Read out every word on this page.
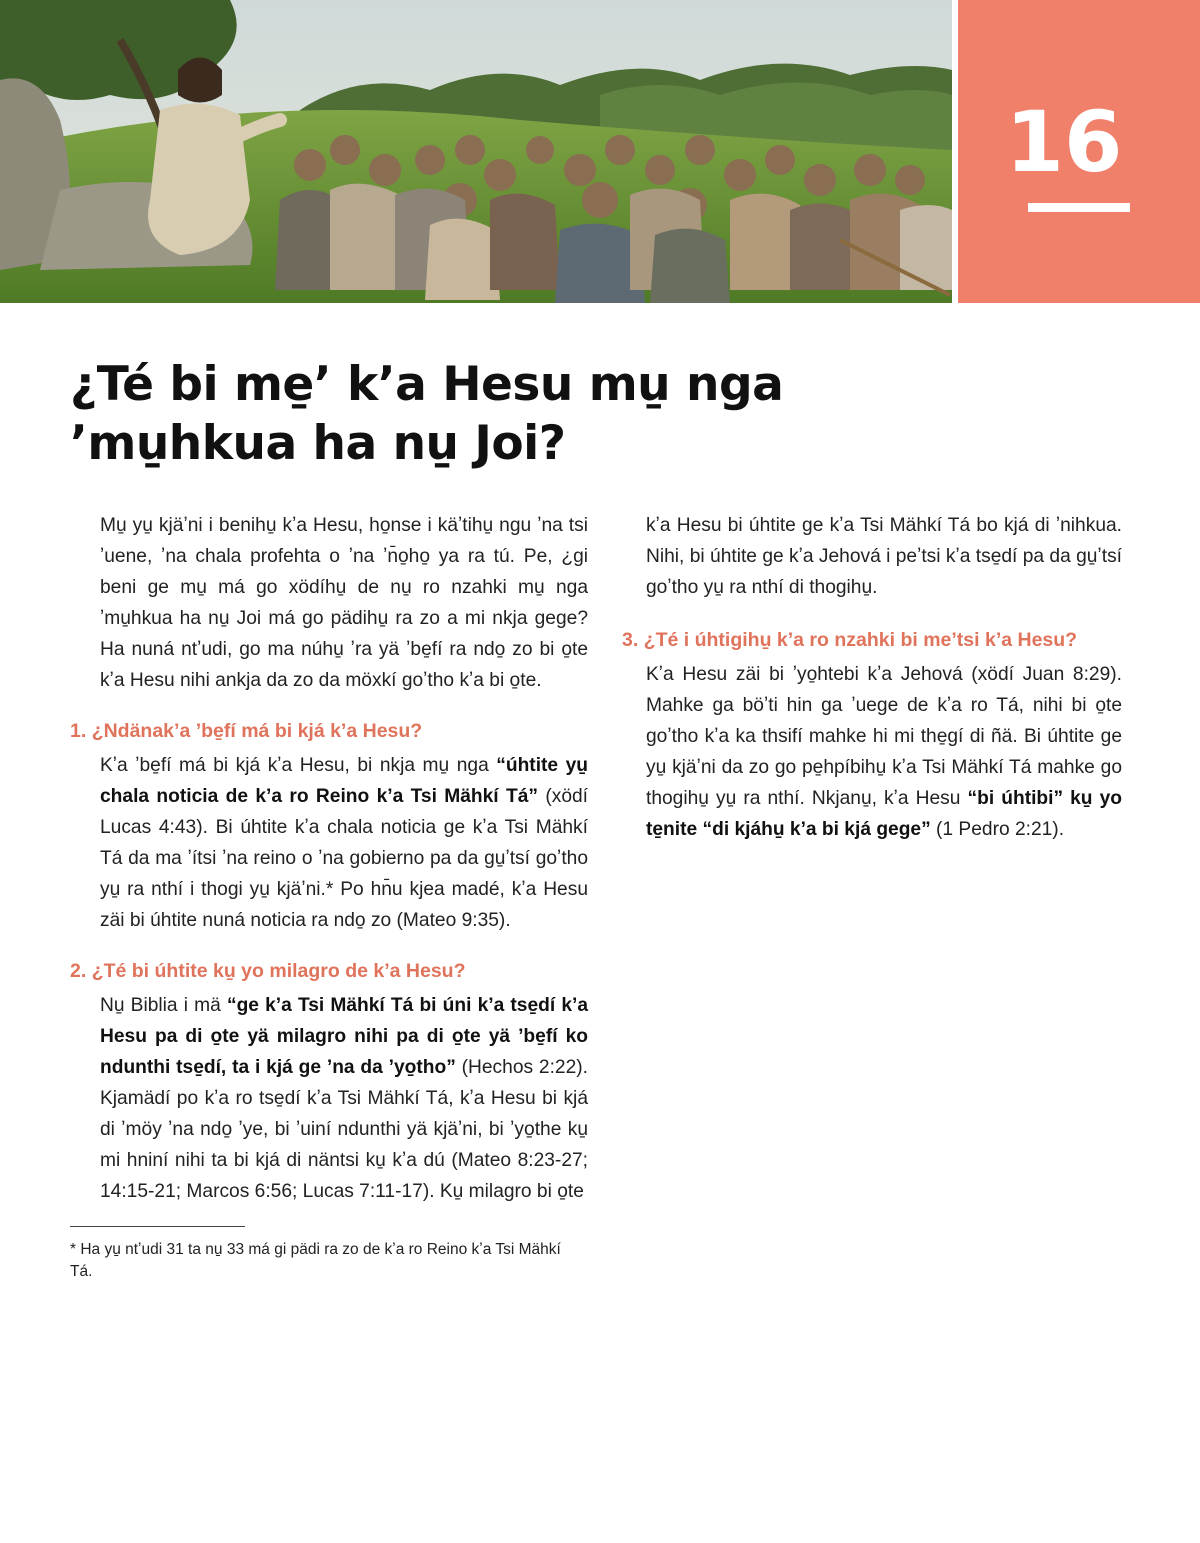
16
¿Té bi me̱ʼ kʼa Hesu mu̱ nga ʼmu̱hkua ha nu̱ Joi?

Mu̱ yu̱ kjäʼni i benihu̱ kʼa Hesu, ho̱nse i käʼtihu̱ ngu ʼna tsi ʼuene, ʼna chala profehta o ʼna ʼn̄o̱ho̱ ya ra tú. Pe, ¿gi beni ge mu̱ má go xödíhu̱ de nu̱ ro nzahki mu̱ nga ʼmu̱hkua ha nu̱ Joi má go pädihu̱ ra zo a mi nkja gege? Ha nuná ntʼudi, go ma núhu̱ ʼra yä ʼbe̱fí ra ndo̱ zo bi o̱te kʼa Hesu nihi ankja da zo da möxkí goʼtho kʼa bi o̱te.

1. ¿Ndänakʼa ʼbe̱fí má bi kjá kʼa Hesu?

Kʼa ʼbe̱fí má bi kjá kʼa Hesu, bi nkja mu̱ nga “úhtite yu̱ chala noticia de kʼa ro Reino kʼa Tsi Mähkí Tá” (xödí Lucas 4:43). Bi úhtite kʼa chala noticia ge kʼa Tsi Mähkí Tá da ma ʼítsi ʼna reino o ʼna gobierno pa da gu̱ʼtsí goʼtho yu̱ ra nthí i thogi yu̱ kjäʼni.* Po hn̄u kjea madé, kʼa Hesu zäi bi úhtite nuná noticia ra ndo̱ zo (Mateo 9:35).

2. ¿Té bi úhtite ku̱ yo milagro de kʼa Hesu?

Nu̱ Biblia i mä “ge kʼa Tsi Mähkí Tá bi úni kʼa tse̱dí kʼa Hesu pa di o̱te yä milagro nihi pa di o̱te yä ʼbe̱fí ko ndunthi tse̱dí, ta i kjá ge ʼna da ʼyo̱tho” (Hechos 2:22). Kjamädí po kʼa ro tse̱dí kʼa Tsi Mähkí Tá, kʼa Hesu bi kjá di ʼmöy ʼna ndo̱ ʼye, bi ʼuiní ndunthi yä kjäʼni, bi ʼyo̱the ku̱ mi hniní nihi ta bi kjá di näntsi ku̱ kʼa dú (Mateo 8:23-27; 14:15-21; Marcos 6:56; Lucas 7:11-17). Ku̱ milagro bi o̱te

kʼa Hesu bi úhtite ge kʼa Tsi Mähkí Tá bo kjá di ʼnihkua. Nihi, bi úhtite ge kʼa Jehová i peʼtsi kʼa tse̱dí pa da gu̱ʼtsí goʼtho yu̱ ra nthí di thogihu̱.

3. ¿Té i úhtigihu̱ kʼa ro nzahki bi meʼtsi kʼa Hesu?

Kʼa Hesu zäi bi ʼyo̱htebi kʼa Jehová (xödí Juan 8:29). Mahke ga böʼti hin ga ʼuege de kʼa ro Tá, nihi bi o̱te goʼtho kʼa ka thsifí mahke hi mi the̱gí di ñä. Bi úhtite ge yu̱ kjäʼni da zo go pe̱hpíbihu̱ kʼa Tsi Mähkí Tá mahke go thogihu̱ yu̱ ra nthí. Nkjanu̱, kʼa Hesu “bi úhtibi” ku̱ yo te̱nite “di kjáhu̱ kʼa bi kjá gege” (1 Pedro 2:21).

* Ha yu̱ ntʼudi 31 ta nu̱ 33 má gi pädi ra zo de kʼa ro Reino kʼa Tsi Mähkí Tá.
